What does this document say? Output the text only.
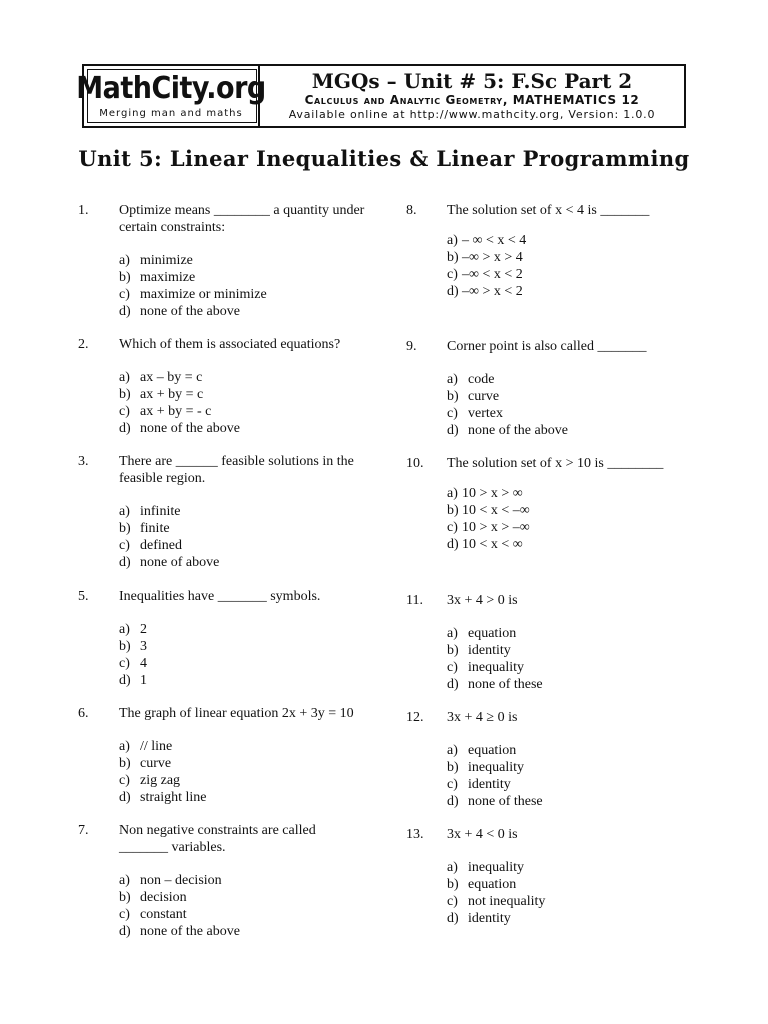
MathCity.org
Merging man and maths
MGQs – Unit # 5: F.Sc Part 2
Calculus and Analytic Geometry, MATHEMATICS 12
Available online at http://www.mathcity.org, Version: 1.0.0
Unit 5: Linear Inequalities & Linear Programming
1. Optimize means ________ a quantity under certain constraints:
a) minimize
b) maximize
c) maximize or minimize
d) none of the above
2. Which of them is associated equations?
a) ax – by = c
b) ax + by = c
c) ax + by = - c
d) none of the above
3. There are ______ feasible solutions in the feasible region.
a) infinite
b) finite
c) defined
d) none of above
5. Inequalities have _______ symbols.
a) 2
b) 3
c) 4
d) 1
6. The graph of linear equation 2x + 3y = 10
a) // line
b) curve
c) zig zag
d) straight line
7. Non negative constraints are called _______ variables.
a) non – decision
b) decision
c) constant
d) none of the above
8. The solution set of x < 4 is _______
a) – ∞ < x < 4
b) –∞ > x > 4
c) –∞ < x < 2
d) –∞ > x < 2
9. Corner point is also called _______
a) code
b) curve
c) vertex
d) none of the above
10. The solution set of x > 10 is ________
a) 10 > x > ∞
b) 10 < x < –∞
c) 10 > x > –∞
d) 10 < x < ∞
11. 3x + 4 > 0 is
a) equation
b) identity
c) inequality
d) none of these
12. 3x + 4 ≥ 0 is
a) equation
b) inequality
c) identity
d) none of these
13. 3x + 4 < 0 is
a) inequality
b) equation
c) not inequality
d) identity
